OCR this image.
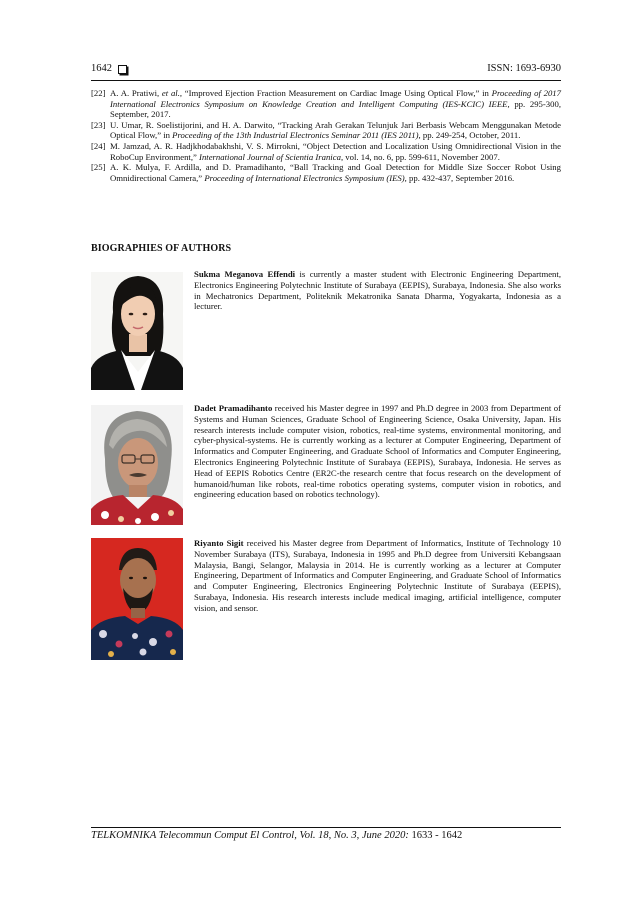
1642	ISSN: 1693-6930
[22] A. A. Pratiwi, et al., “Improved Ejection Fraction Measurement on Cardiac Image Using Optical Flow,” in Proceeding of 2017 International Electronics Symposium on Knowledge Creation and Intelligent Computing (IES-KCIC) IEEE, pp. 295-300, September, 2017.
[23] U. Umar, R. Soelistijorini, and H. A. Darwito, “Tracking Arah Gerakan Telunjuk Jari Berbasis Webcam Menggunakan Metode Optical Flow,” in Proceeding of the 13th Industrial Electronics Seminar 2011 (IES 2011), pp. 249-254, October, 2011.
[24] M. Jamzad, A. R. Hadjkhodabakhshi, V. S. Mirrokni, “Object Detection and Localization Using Omnidirectional Vision in the RoboCup Environment,” International Journal of Scientia Iranica, vol. 14, no. 6, pp. 599-611, November 2007.
[25] A. K. Mulya, F. Ardilla, and D. Pramadihanto, “Ball Tracking and Goal Detection for Middle Size Soccer Robot Using Omnidirectional Camera,” Proceeding of International Electronics Symposium (IES), pp. 432-437, September 2016.
BIOGRAPHIES OF AUTHORS
Sukma Meganova Effendi is currently a master student with Electronic Engineering Department, Electronics Engineering Polytechnic Institute of Surabaya (EEPIS), Surabaya, Indonesia. She also works in Mechatronics Department, Politeknik Mekatronika Sanata Dharma, Yogyakarta, Indonesia as a lecturer.
Dadet Pramadihanto received his Master degree in 1997 and Ph.D degree in 2003 from Department of Systems and Human Sciences, Graduate School of Engineering Science, Osaka University, Japan. His research interests include computer vision, robotics, real-time systems, environmental monitoring, and cyber-physical-systems. He is currently working as a lecturer at Computer Engineering, Department of Informatics and Computer Engineering, and Graduate School of Informatics and Computer Engineering, Electronics Engineering Polytechnic Institute of Surabaya (EEPIS), Surabaya, Indonesia. He serves as Head of EEPIS Robotics Centre (ER2C-the research centre that focus research on the development of humanoid/human like robots, real-time robotics operating systems, computer vision in robotics, and engineering education based on robotics technology).
Riyanto Sigit received his Master degree from Department of Informatics, Institute of Technology 10 November Surabaya (ITS), Surabaya, Indonesia in 1995 and Ph.D degree from Universiti Kebangsaan Malaysia, Bangi, Selangor, Malaysia in 2014. He is currently working as a lecturer at Computer Engineering, Department of Informatics and Computer Engineering, and Graduate School of Informatics and Computer Engineering, Electronics Engineering Polytechnic Institute of Surabaya (EEPIS), Surabaya, Indonesia. His research interests include medical imaging, artificial intelligence, computer vision, and sensor.
TELKOMNIKA Telecommun Comput El Control, Vol. 18, No. 3, June 2020: 1633 - 1642
